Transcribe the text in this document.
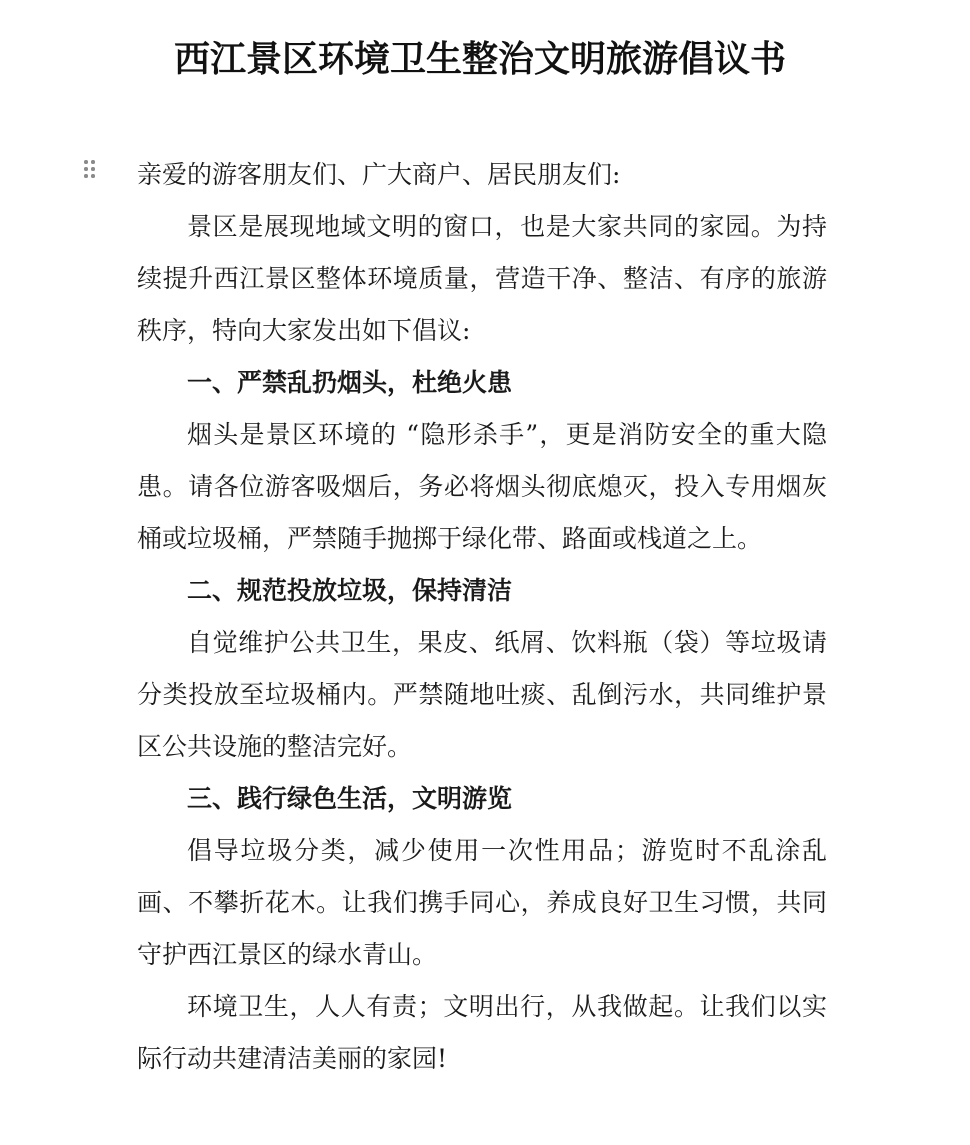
西江景区环境卫生整治文明旅游倡议书

亲爱的游客朋友们、广大商户、居民朋友们:

景区是展现地域文明的窗口，也是大家共同的家园。为持续提升西江景区整体环境质量，营造干净、整洁、有序的旅游秩序，特向大家发出如下倡议:

一、严禁乱扔烟头，杜绝火患

烟头是景区环境的 “隐形杀手”，更是消防安全的重大隐患。请各位游客吸烟后，务必将烟头彻底熄灭，投入专用烟灰桶或垃圾桶，严禁随手抛掷于绿化带、路面或栈道之上。

二、规范投放垃圾，保持清洁

自觉维护公共卫生，果皮、纸屑、饮料瓶（袋）等垃圾请分类投放至垃圾桶内。严禁随地吐痰、乱倒污水，共同维护景区公共设施的整洁完好。

三、践行绿色生活，文明游览

倡导垃圾分类，减少使用一次性用品；游览时不乱涂乱画、不攀折花木。让我们携手同心，养成良好卫生习惯，共同守护西江景区的绿水青山。

环境卫生，人人有责；文明出行，从我做起。让我们以实际行动共建清洁美丽的家园!
